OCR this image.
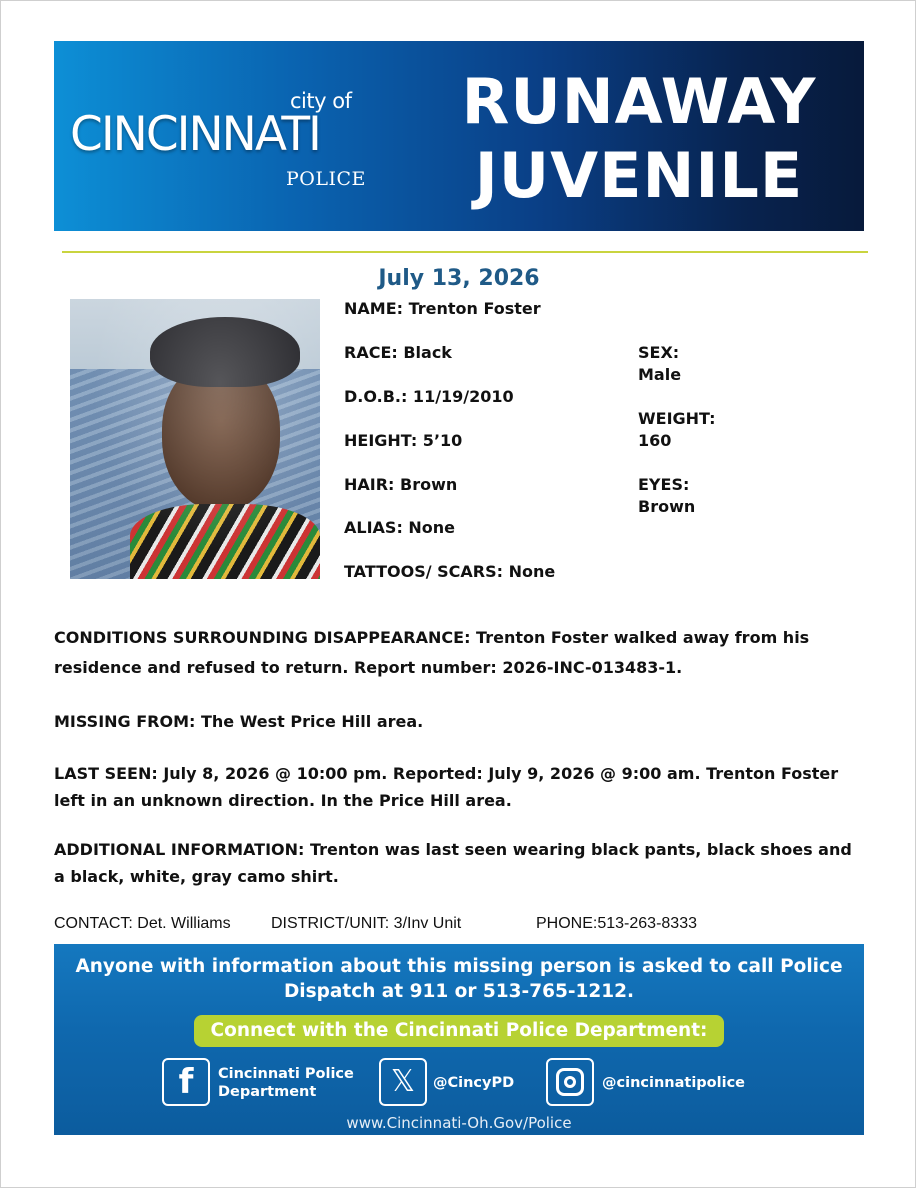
city of
CINCINNATI
POLICE
RUNAWAY
JUVENILE
July 13, 2026
NAME: Trenton Foster
RACE: Black
D.O.B.: 11/19/2010
HEIGHT: 5’10
HAIR: Brown
ALIAS: None
TATTOOS/ SCARS: None
SEX:
Male
WEIGHT:
160
EYES:
Brown
CONDITIONS SURROUNDING DISAPPEARANCE: Trenton Foster walked away from his residence and refused to return. Report number: 2026-INC-013483-1.
MISSING FROM: The West Price Hill area.
LAST SEEN: July 8, 2026 @ 10:00 pm. Reported: July 9, 2026 @ 9:00 am. Trenton Foster left in an unknown direction. In the Price Hill area.
ADDITIONAL INFORMATION: Trenton was last seen wearing black pants, black shoes and a black, white, gray camo shirt.
CONTACT: Det. Williams	DISTRICT/UNIT: 3/Inv Unit	PHONE:513-263-8333
Anyone with information about this missing person is asked to call Police Dispatch at 911 or 513-765-1212.
Connect with the Cincinnati Police Department:
f Cincinnati Police
Department	𝕏 @CincyPD	@cincinnatipolice
www.Cincinnati-Oh.Gov/Police
